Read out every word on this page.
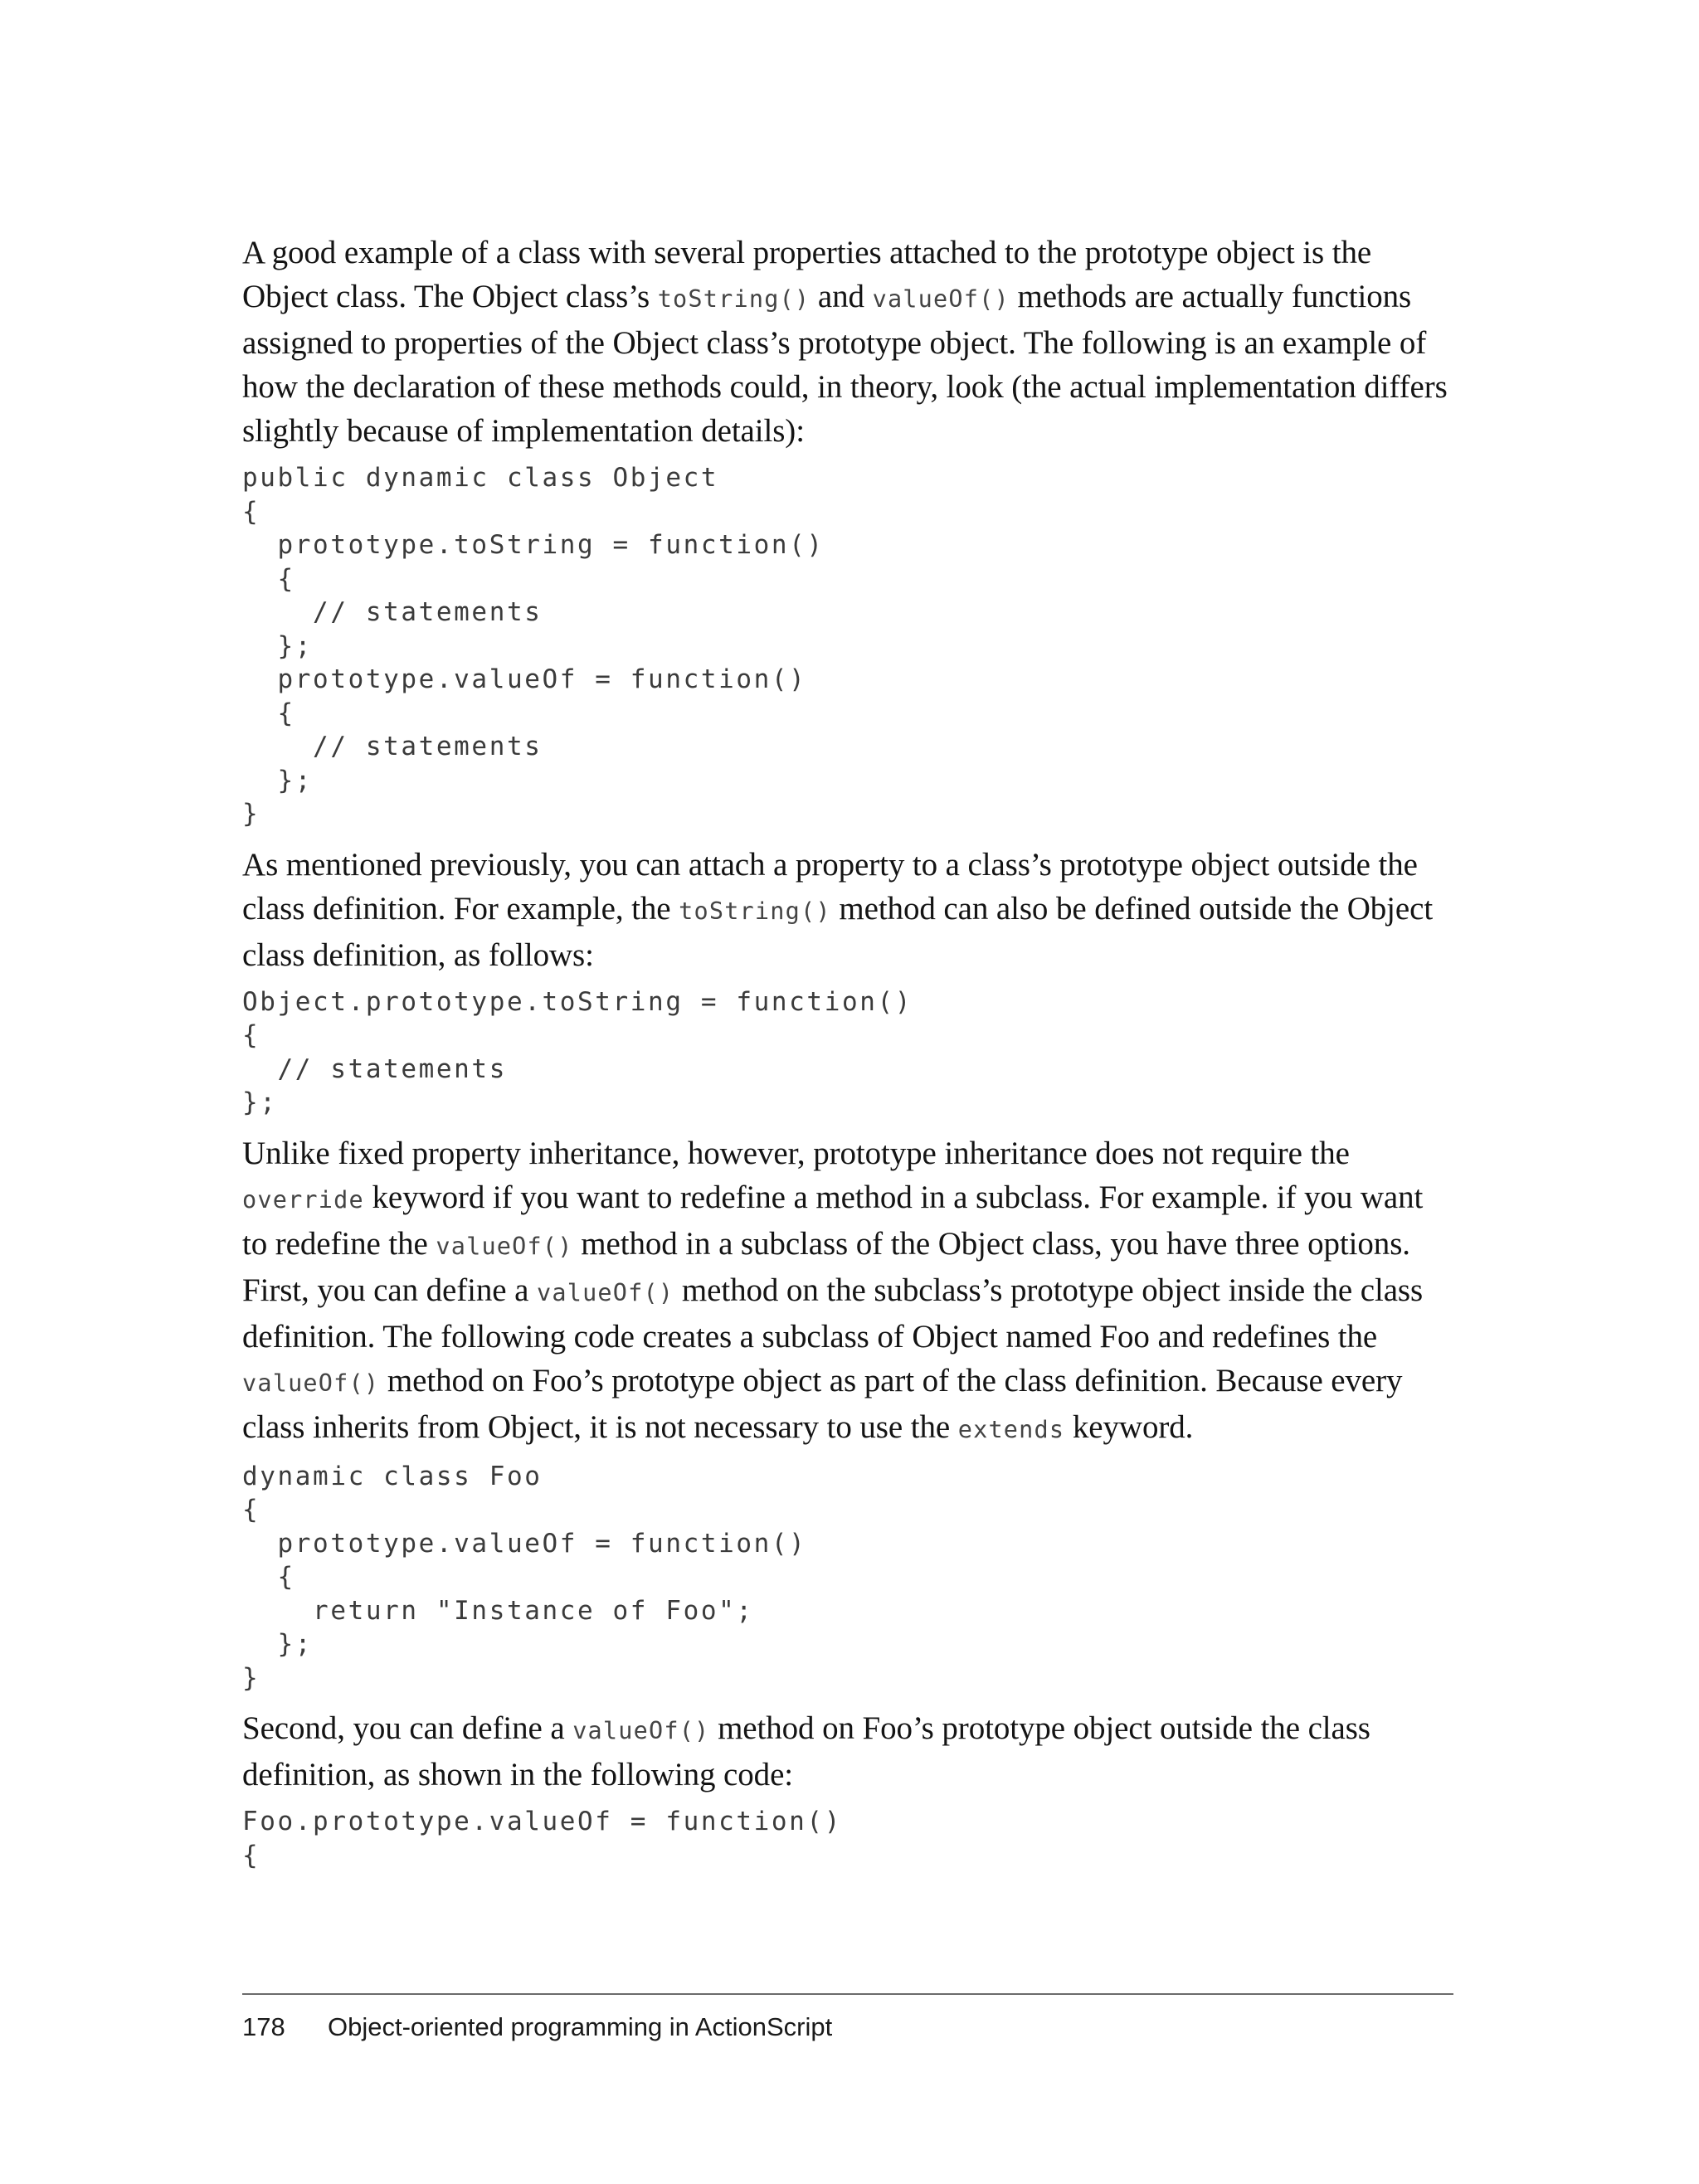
A good example of a class with several properties attached to the prototype object is the Object class. The Object class’s toString() and valueOf() methods are actually functions assigned to properties of the Object class’s prototype object. The following is an example of how the declaration of these methods could, in theory, look (the actual implementation differs slightly because of implementation details):

public dynamic class Object
{
prototype.toString = function()
{
// statements
};
prototype.valueOf = function()
{
// statements
};
}

As mentioned previously, you can attach a property to a class’s prototype object outside the class definition. For example, the toString() method can also be defined outside the Object class definition, as follows:

Object.prototype.toString = function()
{
// statements
};

Unlike fixed property inheritance, however, prototype inheritance does not require the override keyword if you want to redefine a method in a subclass. For example. if you want to redefine the valueOf() method in a subclass of the Object class, you have three options. First, you can define a valueOf() method on the subclass’s prototype object inside the class definition. The following code creates a subclass of Object named Foo and redefines the valueOf() method on Foo’s prototype object as part of the class definition. Because every class inherits from Object, it is not necessary to use the extends keyword.

dynamic class Foo
{
prototype.valueOf = function()
{
return "Instance of Foo";
};
}

Second, you can define a valueOf() method on Foo’s prototype object outside the class definition, as shown in the following code:

Foo.prototype.valueOf = function()
{
178 Object-oriented programming in ActionScript
